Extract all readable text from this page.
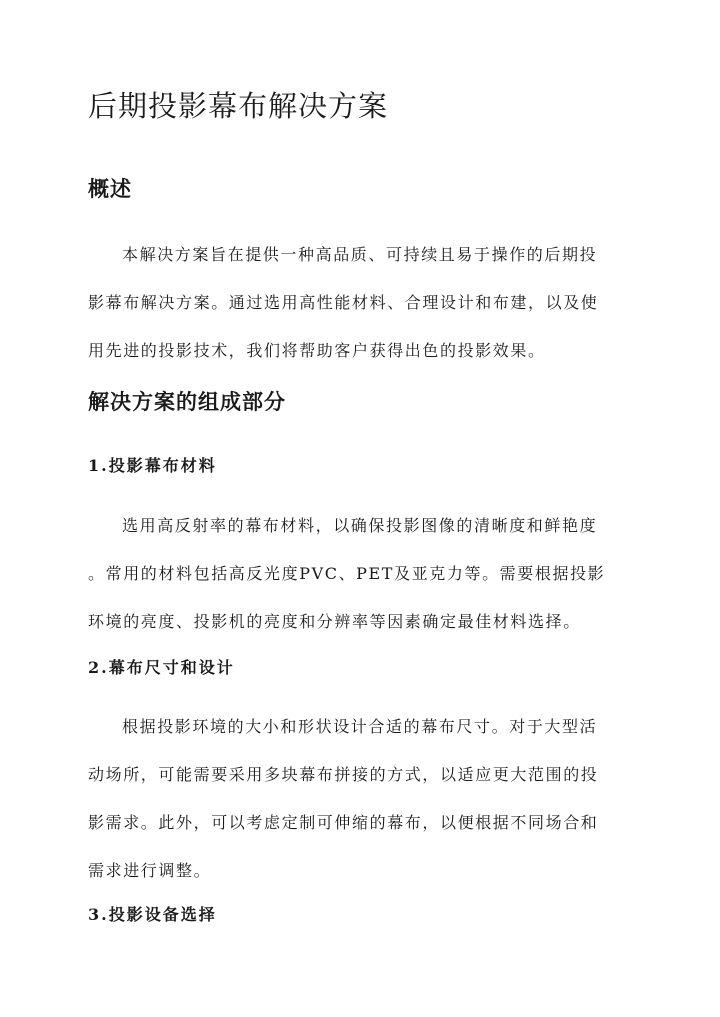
后期投影幕布解决方案
概述

本解决方案旨在提供一种高品质、可持续且易于操作的后期投
影幕布解决方案。通过选用高性能材料、合理设计和布建，以及使
用先进的投影技术，我们将帮助客户获得出色的投影效果。

解决方案的组成部分
1.投影幕布材料

选用高反射率的幕布材料，以确保投影图像的清晰度和鲜艳度
。常用的材料包括高反光度PVC、PET及亚克力等。需要根据投影
环境的亮度、投影机的亮度和分辨率等因素确定最佳材料选择。

2.幕布尺寸和设计

根据投影环境的大小和形状设计合适的幕布尺寸。对于大型活
动场所，可能需要采用多块幕布拼接的方式，以适应更大范围的投
影需求。此外，可以考虑定制可伸缩的幕布，以便根据不同场合和
需求进行调整。

3.投影设备选择
